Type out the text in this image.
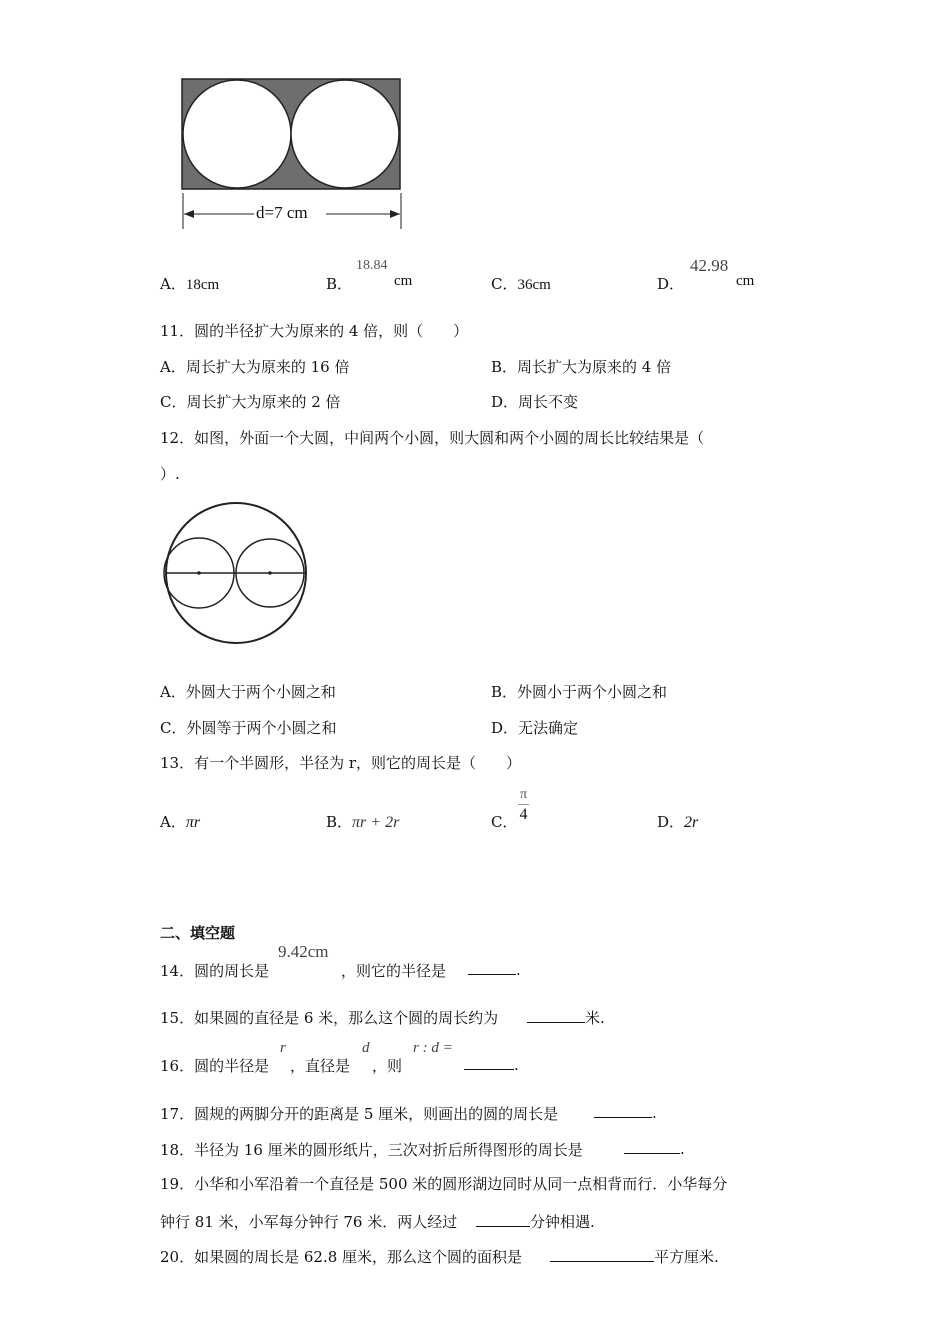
d=7 cm
A．18cm	B．
18.84
cm	C．36cm	D．
42.98
cm
11．圆的半径扩大为原来的 4 倍，则（　　）
A．周长扩大为原来的 16 倍	B．周长扩大为原来的 4 倍
C．周长扩大为原来的 2 倍	D．周长不变
12．如图，外面一个大圆，中间两个小圆，则大圆和两个小圆的周长比较结果是（
）.
A．外圆大于两个小圆之和	B．外圆小于两个小圆之和
C．外圆等于两个小圆之和	D．无法确定
13．有一个半圆形，半径为 r，则它的周长是（　　）
A．πr	B．πr + 2r	C． $\frac{\pi}{4}$	D．2r
二、填空题
14．圆的周长是
9.42cm
，则它的半径是	.
15．如果圆的直径是 6 米，那么这个圆的周长约为	米.
16．圆的半径是
r
，直径是
d
，则
r : d =
.
17．圆规的两脚分开的距离是 5 厘米，则画出的圆的周长是	.
18．半径为 16 厘米的圆形纸片，三次对折后所得图形的周长是	.
19．小华和小军沿着一个直径是 500 米的圆形湖边同时从同一点相背而行．小华每分
钟行 81 米，小军每分钟行 76 米．两人经过	分钟相遇.
20．如果圆的周长是 62.8 厘米，那么这个圆的面积是	平方厘米.
